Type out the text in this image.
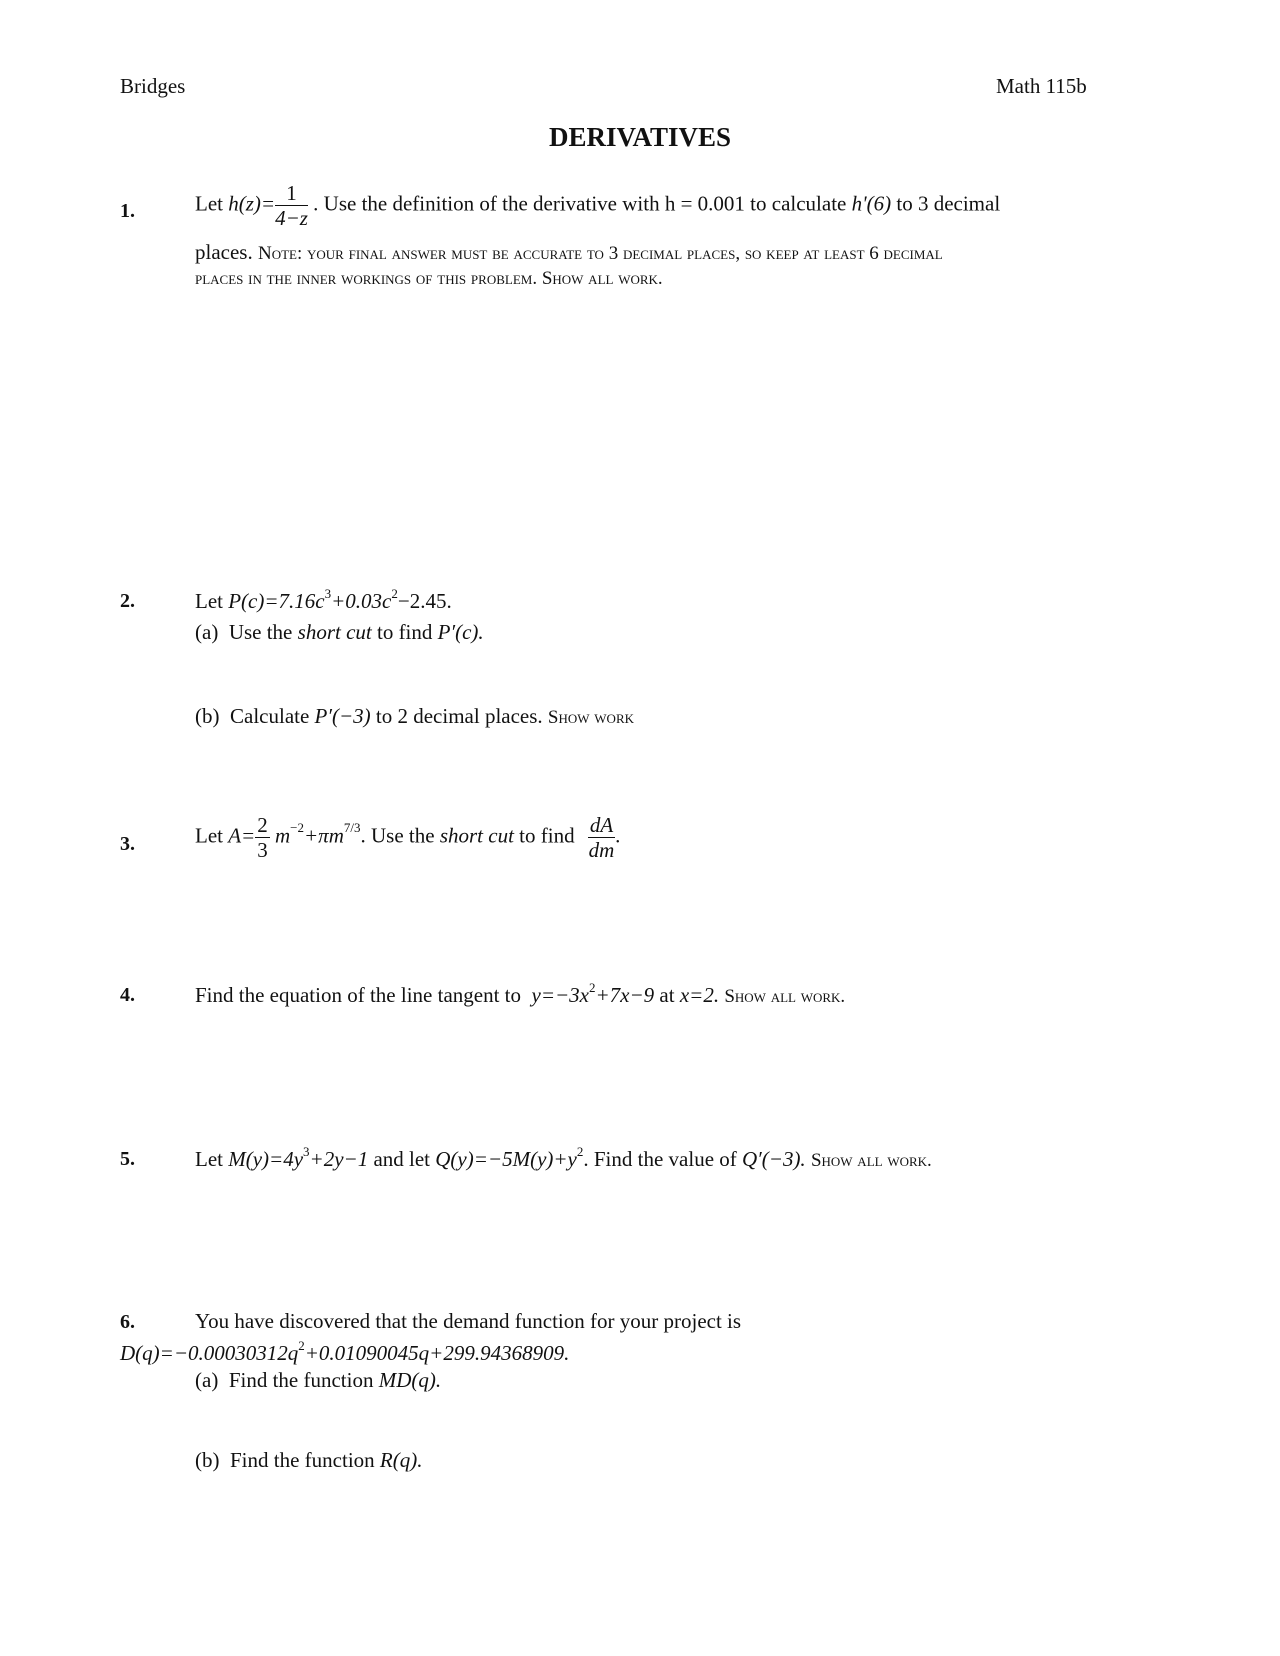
Bridges	Math 115b
DERIVATIVES
1.	Let $h(z)= \frac{1}{4-z}$ . Use the definition of the derivative with h = 0.001 to calculate h'(6) to 3 decimal
places. Note: your final answer must be accurate to 3 decimal places, so keep at least 6 decimal
places in the inner workings of this problem. Show all work.
2.	Let $P(c)=7.16c^3+0.03c^2-2.45$.
(a) Use the short cut to find P′(c).
(b) Calculate P′(−3) to 2 decimal places. Show work
3.	Let $A= \frac{2}{3} m^{-2}+\pi m^{7/3}$. Use the short cut to find $\frac{dA}{dm}$ .
4.	Find the equation of the line tangent to $y=-3x^2+7x-9$ at x=2. Show all work.
5.	Let $M(y)=4y^3+2y-1$ and let $Q(y)=-5M(y)+y^2$. Find the value of Q′(−3). Show all work.
6.	You have discovered that the demand function for your project is
$D(q)=-0.00030312q^2+0.01090045q+299.94368909$.
(a) Find the function MD(q).
(b) Find the function R(q).
